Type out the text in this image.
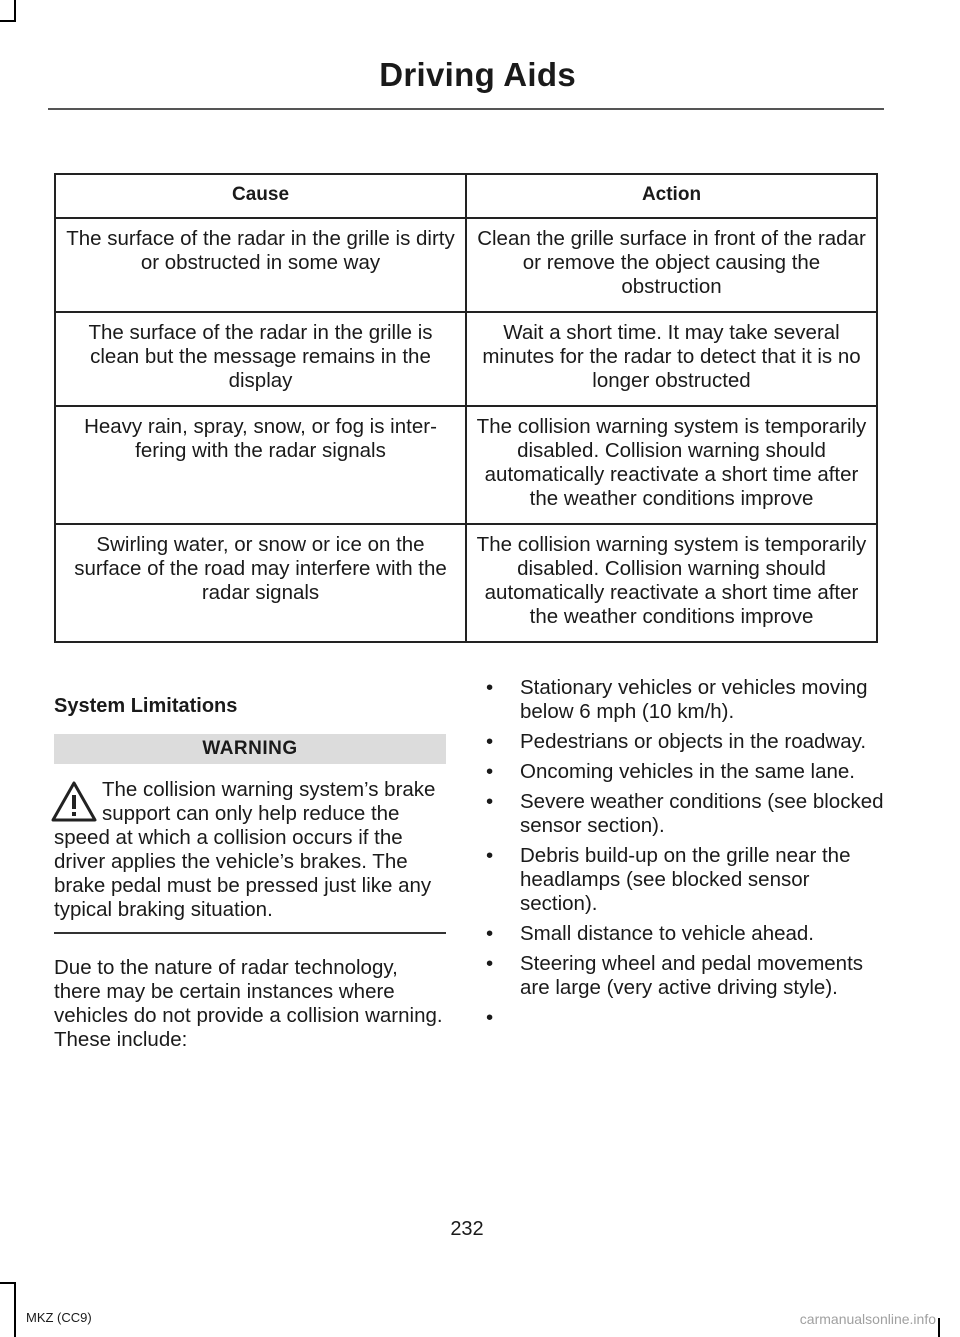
Driving Aids
Cause	Action
The surface of the radar in the grille is dirty or obstructed in some way	Clean the grille surface in front of the radar or remove the object causing the obstruction
The surface of the radar in the grille is clean but the message remains in the display	Wait a short time. It may take several minutes for the radar to detect that it is no longer obstructed
Heavy rain, spray, snow, or fog is inter-fering with the radar signals	The collision warning system is temporarily disabled. Collision warning should automatically reactivate a short time after the weather conditions improve
Swirling water, or snow or ice on the surface of the road may interfere with the radar signals	The collision warning system is temporarily disabled. Collision warning should automatically reactivate a short time after the weather conditions improve
System Limitations
WARNING

The collision warning system’s brake support can only help reduce the speed at which a collision occurs if the driver applies the vehicle’s brakes. The brake pedal must be pressed just like any typical braking situation.

Due to the nature of radar technology, there may be certain instances where vehicles do not provide a collision warning. These include:
• Stationary vehicles or vehicles moving below 6 mph (10 km/h).
• Pedestrians or objects in the roadway.
• Oncoming vehicles in the same lane.
• Severe weather conditions (see blocked sensor section).
• Debris build-up on the grille near the headlamps (see blocked sensor section).
• Small distance to vehicle ahead.
• Steering wheel and pedal movements are large (very active driving style).
•
232
MKZ (CC9)	carmanualsonline.info
